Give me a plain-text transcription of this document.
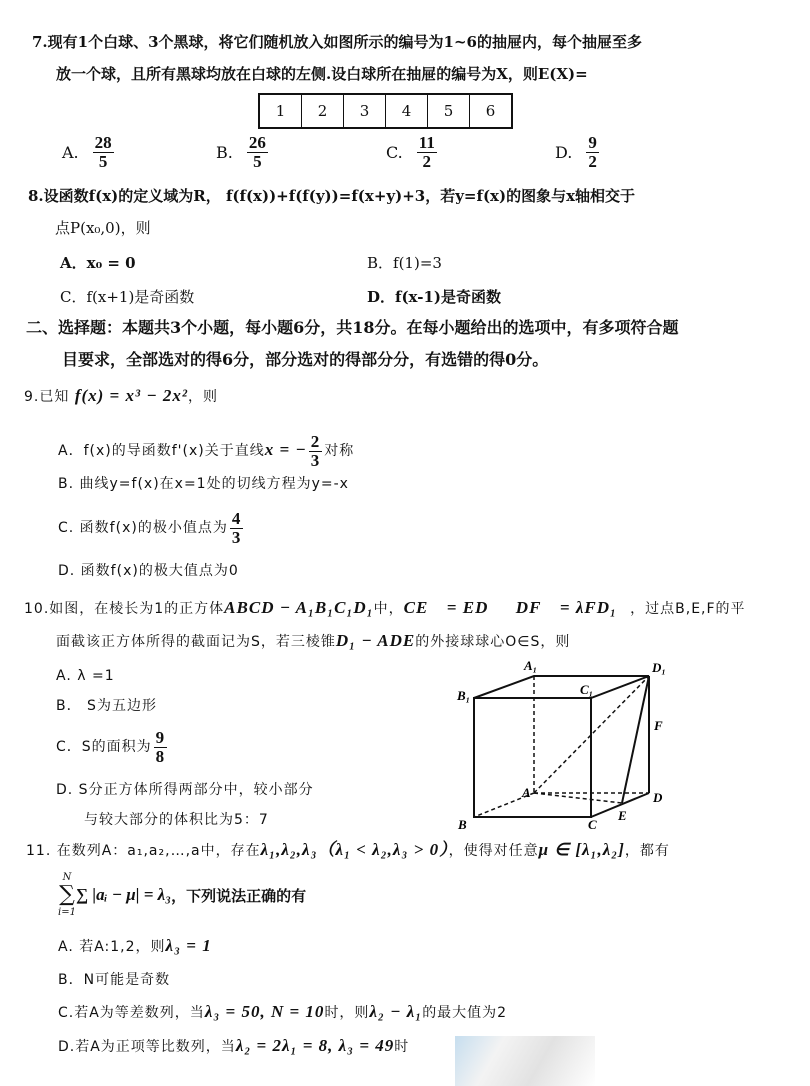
7.现有1个白球、3个黑球，将它们随机放入如图所示的编号为1~6的抽屉内，每个抽屉至多
放一个球，且所有黑球均放在白球的左侧.设白球所在抽屉的编号为X，则E(X)=
1	2	3	4	5	6
A. $\frac{28}{5}$	B. $\frac{26}{5}$	C. $\frac{11}{2}$	D. $\frac{9}{2}$
8.设函数f(x)的定义域为R， f(f(x))+f(f(y))=f(x+y)+3，若y=f(x)的图象与x轴相交于
点P(x₀,0)，则
A．x₀ = 0	B．f(1)=3
C．f(x+1)是奇函数	D．f(x-1)是奇函数
二、选择题：本题共3个小题，每小题6分，共18分。在每小题给出的选项中，有多项符合题
目要求，全部选对的得6分，部分选对的得部分分，有选错的得0分。
9.已知 f(x) = x³ − 2x²，则
A．f(x)的导函数f'(x)关于直线x = − $\frac{2}{3}$ 对称
B. 曲线y=f(x)在x=1处的切线方程为y=-x
C. 函数f(x)的极小值点为 $\frac{4}{3}$
D. 函数f(x)的极大值点为0
10.如图，在棱长为1的正方体ABCD − A₁B₁C₁D₁中，CE⃗ = ED⃗，DF⃗ = λFD₁⃗，过点B,E,F的平
面截该正方体所得的截面记为S，若三棱锥D₁ − ADE的外接球球心O∈S，则
A. λ =1
B． S为五边形
C．S的面积为 $\frac{9}{8}$
D. S分正方体所得两部分中，较小部分
与较大部分的体积比为5：7
A₁	D₁
B₁	C₁
F
A	D
B	C
E
11. 在数列A：a₁,a₂,…,a中，存在λ₁,λ₂,λ₃（λ₁ < λ₂,λ₃ > 0），使得对任意μ ∈ [λ₁,λ₂]，都有
N
∑
i=1
∑ |aᵢ − μ| = λ₃ ，下列说法正确的有
A. 若A:1,2，则λ₃ = 1
B．N可能是奇数
C.若A为等差数列，当λ₃ = 50, N = 10时，则λ₂ − λ₁的最大值为2
D.若A为正项等比数列，当λ₂ = 2λ₁ = 8, λ₃ = 49时
